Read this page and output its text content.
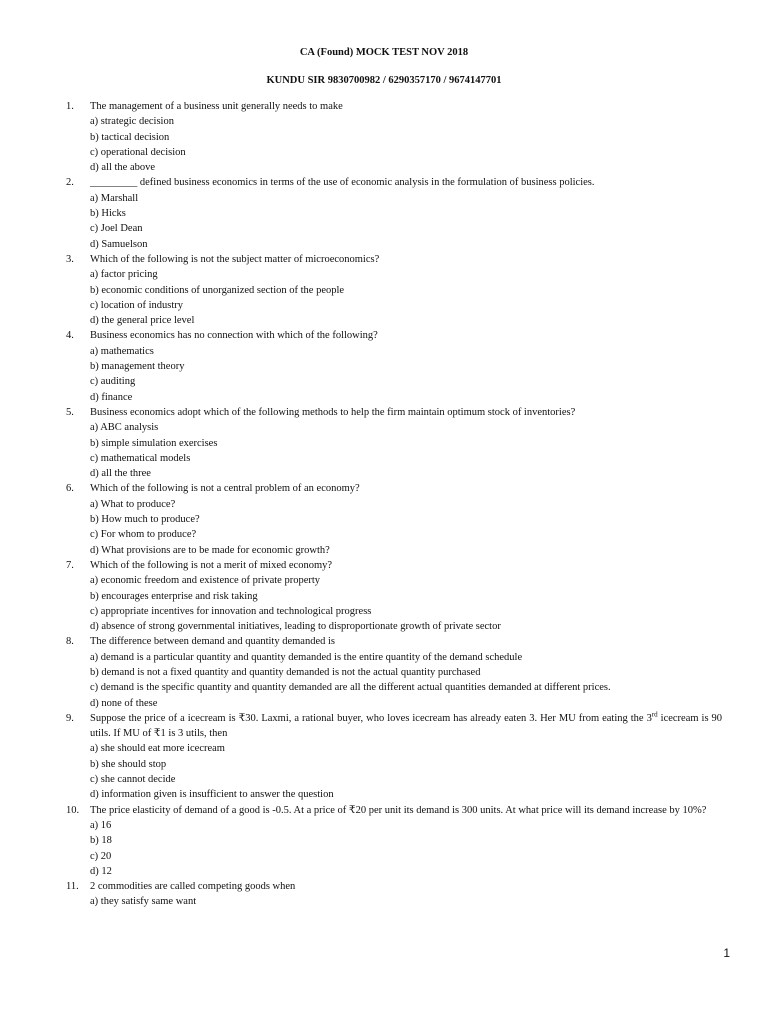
CA (Found) MOCK TEST NOV 2018
KUNDU SIR 9830700982 / 6290357170 / 9674147701
1. The management of a business unit generally needs to make
a) strategic decision
b) tactical decision
c) operational decision
d) all the above
2. _________ defined business economics in terms of the use of economic analysis in the formulation of business policies.
a) Marshall
b) Hicks
c) Joel Dean
d) Samuelson
3. Which of the following is not the subject matter of microeconomics?
a) factor pricing
b) economic conditions of unorganized section of the people
c) location of industry
d) the general price level
4. Business economics has no connection with which of the following?
a) mathematics
b) management theory
c) auditing
d) finance
5. Business economics adopt which of the following methods to help the firm maintain optimum stock of inventories?
a) ABC analysis
b) simple simulation exercises
c) mathematical models
d) all the three
6. Which of the following is not a central problem of an economy?
a) What to produce?
b) How much to produce?
c) For whom to produce?
d) What provisions are to be made for economic growth?
7. Which of the following is not a merit of mixed economy?
a) economic freedom and existence of private property
b) encourages enterprise and risk taking
c) appropriate incentives for innovation and technological progress
d) absence of strong governmental initiatives, leading to disproportionate growth of private sector
8. The difference between demand and quantity demanded is
a) demand is a particular quantity and quantity demanded is the entire quantity of the demand schedule
b) demand is not a fixed quantity and quantity demanded is not the actual quantity purchased
c) demand is the specific quantity and quantity demanded are all the different actual quantities demanded at different prices.
d) none of these
9. Suppose the price of a icecream is ₹30. Laxmi, a rational buyer, who loves icecream has already eaten 3. Her MU from eating the 3rd icecream is 90 utils. If MU of ₹1 is 3 utils, then
a) she should eat more icecream
b) she should stop
c) she cannot decide
d) information given is insufficient to answer the question
10. The price elasticity of demand of a good is -0.5. At a price of ₹20 per unit its demand is 300 units. At what price will its demand increase by 10%?
a) 16
b) 18
c) 20
d) 12
11. 2 commodities are called competing goods when
a) they satisfy same want
1
